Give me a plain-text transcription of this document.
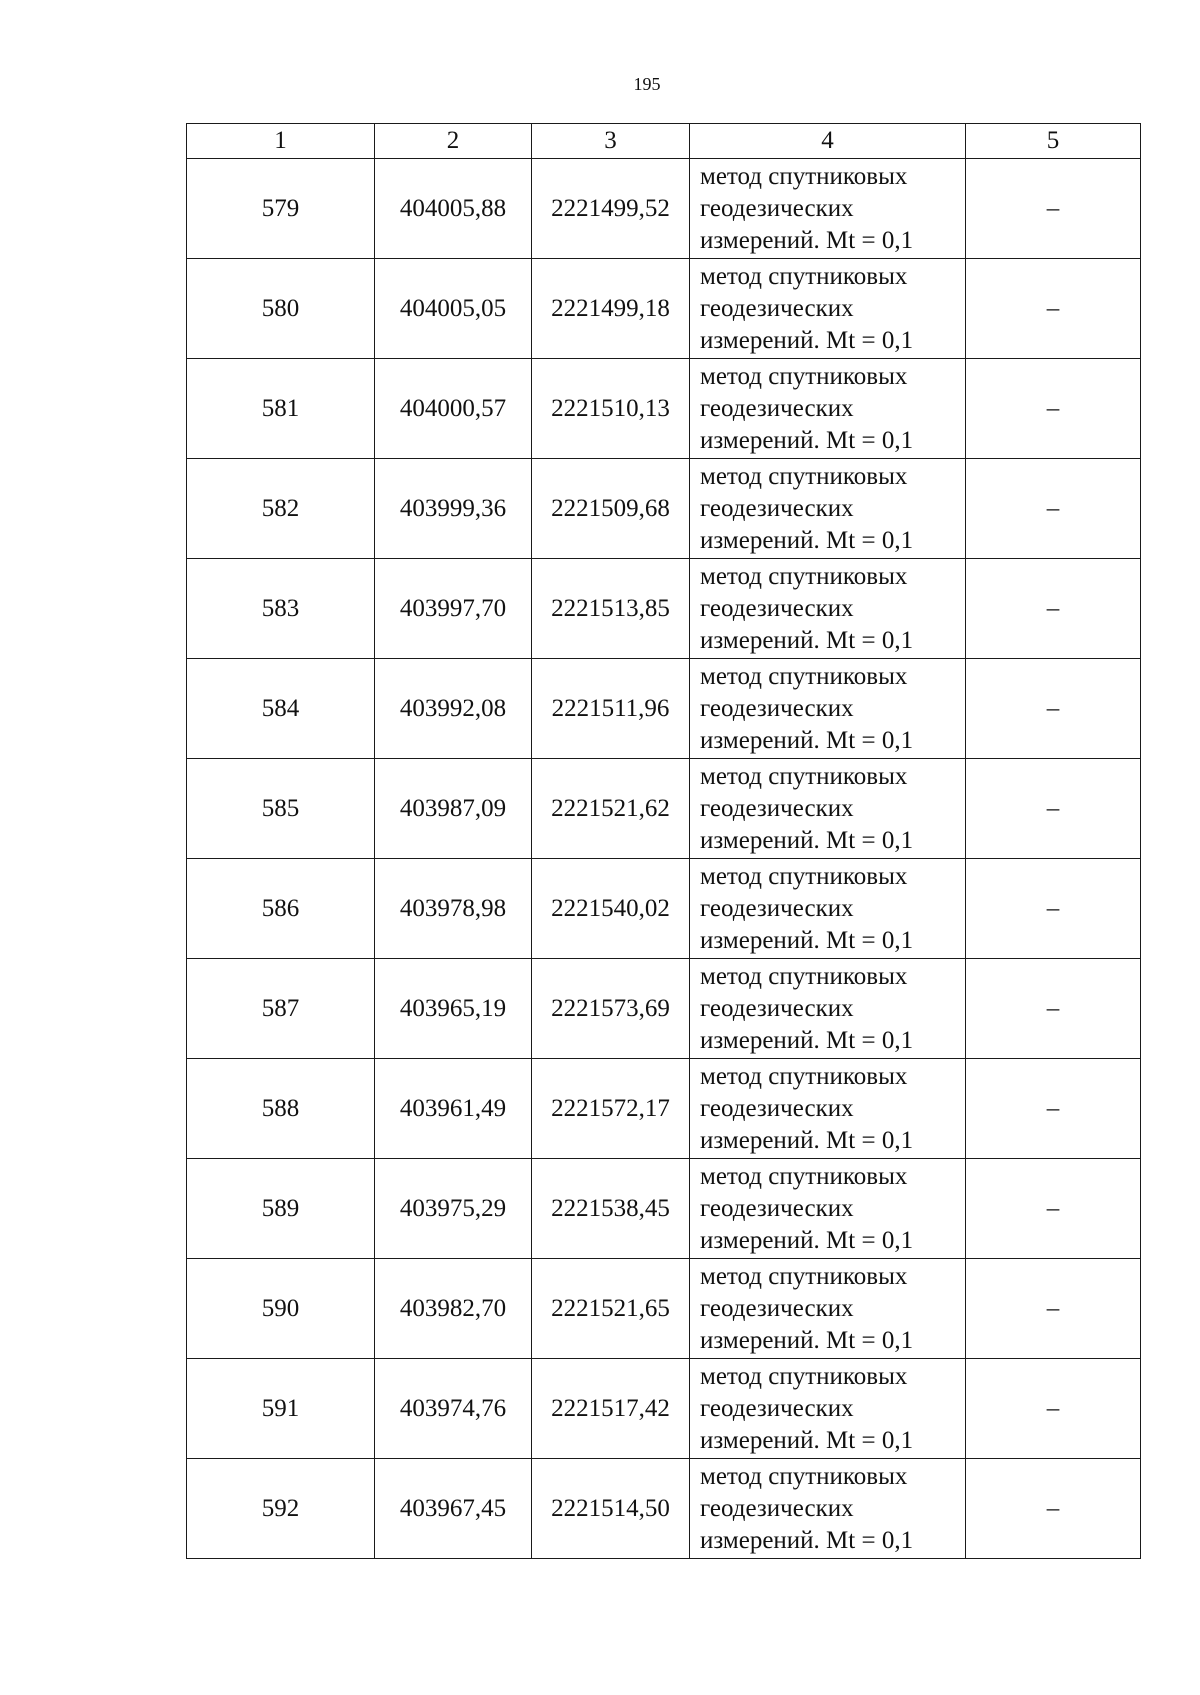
195
1	2	3	4	5
579	404005,88	2221499,52	метод спутниковых
геодезических
измерений. Mt = 0,1	–
580	404005,05	2221499,18	метод спутниковых
геодезических
измерений. Mt = 0,1	–
581	404000,57	2221510,13	метод спутниковых
геодезических
измерений. Mt = 0,1	–
582	403999,36	2221509,68	метод спутниковых
геодезических
измерений. Mt = 0,1	–
583	403997,70	2221513,85	метод спутниковых
геодезических
измерений. Mt = 0,1	–
584	403992,08	2221511,96	метод спутниковых
геодезических
измерений. Mt = 0,1	–
585	403987,09	2221521,62	метод спутниковых
геодезических
измерений. Mt = 0,1	–
586	403978,98	2221540,02	метод спутниковых
геодезических
измерений. Mt = 0,1	–
587	403965,19	2221573,69	метод спутниковых
геодезических
измерений. Mt = 0,1	–
588	403961,49	2221572,17	метод спутниковых
геодезических
измерений. Mt = 0,1	–
589	403975,29	2221538,45	метод спутниковых
геодезических
измерений. Mt = 0,1	–
590	403982,70	2221521,65	метод спутниковых
геодезических
измерений. Mt = 0,1	–
591	403974,76	2221517,42	метод спутниковых
геодезических
измерений. Mt = 0,1	–
592	403967,45	2221514,50	метод спутниковых
геодезических
измерений. Mt = 0,1	–
